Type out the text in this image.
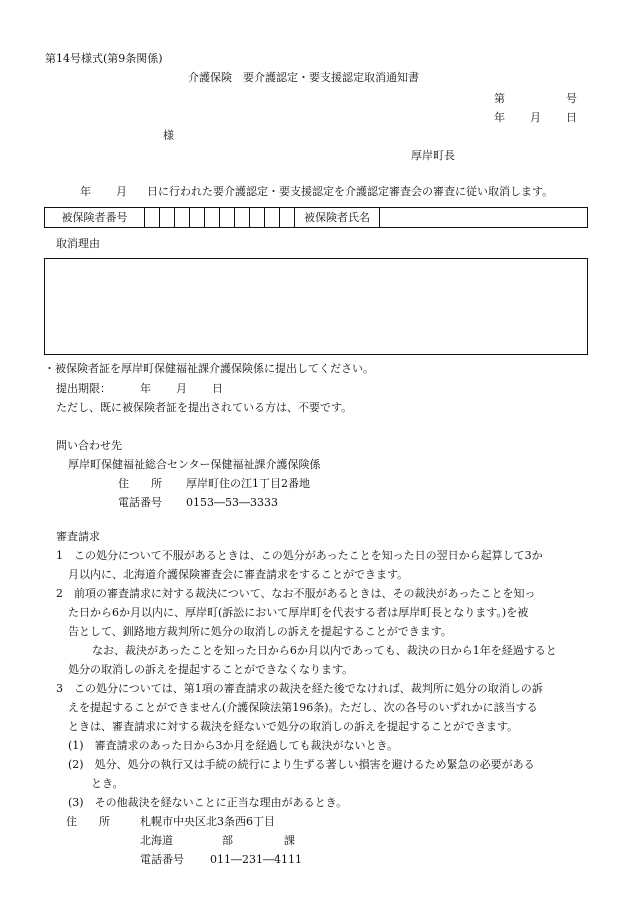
第14号様式(第9条関係)
介護保険　要介護認定・要支援認定取消通知書
第	号
年 月 日
様
厚岸町長
年 月 日に行われた要介護認定・要支援認定を介護認定審査会の審査に従い取消します。
被保険者番号											被保険者氏名	
取消理由
・被保険者証を厚岸町保健福祉課介護保険係に提出してください。
提出期限：	年 月 日
ただし、既に被保険者証を提出されている方は、不要です。
問い合わせ先
厚岸町保健福祉総合センター保健福祉課介護保険係
住　　所 厚岸町住の江1丁目2番地
電話番号 0153―53―3333
審査請求
1　この処分について不服があるときは、この処分があったことを知った日の翌日から起算して3か
月以内に、北海道介護保険審査会に審査請求をすることができます。
2　前項の審査請求に対する裁決について、なお不服があるときは、その裁決があったことを知っ
た日から6か月以内に、厚岸町(訴訟において厚岸町を代表する者は厚岸町長となります。)を被
告として、釧路地方裁判所に処分の取消しの訴えを提起することができます。
なお、裁決があったことを知った日から6か月以内であっても、裁決の日から1年を経過すると
処分の取消しの訴えを提起することができなくなります。
3　この処分については、第1項の審査請求の裁決を経た後でなければ、裁判所に処分の取消しの訴
えを提起することができません(介護保険法第196条)。ただし、次の各号のいずれかに該当する
ときは、審査請求に対する裁決を経ないで処分の取消しの訴えを提起することができます。
(1)　審査請求のあった日から3か月を経過しても裁決がないとき。
(2)　処分、処分の執行又は手続の続行により生ずる著しい損害を避けるため緊急の必要がある
とき。
(3)　その他裁決を経ないことに正当な理由があるとき。
住　　所	札幌市中央区北3条西6丁目
北海道	部	課
電話番号 011―231―4111
